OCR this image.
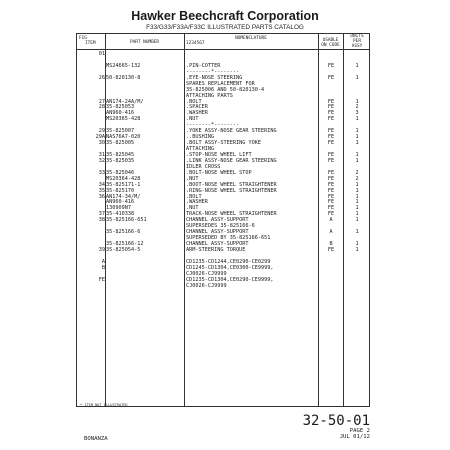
Hawker Beechcraft Corporation
F33/G33/F33A/F33C ILLUSTRATED PARTS CATALOG
FIG
ITEM	PART NUMBER
NOMENCLATURE
1234567
USABLE
ON CODE
UNITS
PER
ASSY
01
MS24665-132	.PIN-COTTER	FE	1
--------*--------
26 50-820130-8	.EYE-NOSE STEERING	FE	1
SPARES REPLACEMENT FOR
35-825006 AND 50-820130-4
ATTACHING PARTS
27 AN174-24A/M/	.BOLT	FE	1
28 35-825053	.SPACER	FE	2
AN960-416	.WASHER	FE	3
MS20365-428	.NUT	FE	1
--------*--------
29 35-825007	.YOKE ASSY-NOSE GEAR STEERING	FE	1
29A NAS76A7-020	..BUSHING	FE	1
30 35-825005	.BOLT ASSY-STEERING YOKE	FE	1
ATTACHING
31 35-825045	.STOP-NOSE WHEEL LIFT	FE	1
32 35-825035	.LINK ASSY-NOSE GEAR STEERING	FE	1
IDLER CROSS
33 35-825046	.BOLT-NOSE WHEEL STOP	FE	2
MS20364-428	.NUT	FE	2
34 35-825171-1	.BOOT-NOSE WHEEL STRAIGHTENER	FE	1
35 35-825170	.RING-NOSE WHEEL STRAIGHTENER	FE	1
36 AN174-34/M/	.BOLT	FE	1
AN960-416	.WASHER	FE	1
130909N7	.NUT	FE	1
37 35-410338	TRACK-NOSE WHEEL STRAIGHTENER	FE	1
38 35-825166-651	CHANNEL ASSY-SUPPORT	A	1
SUPERSEDES 35-825166-6
35-825166-6	CHANNEL ASSY-SUPPORT	A	1
SUPERSEDED BY 35-825166-651
35-825166-12	CHANNEL ASSY-SUPPORT	B	1
39 35-825054-5	ARM-STEERING TORQUE	FE	1
A	CD1235-CD1244,CE0290-CE0299
B	CD1245-CD1304,CE0300-CE9999,
CJ0026-CJ9999
FE	CD1235-CD1304,CE0290-CE9999,
CJ0026-CJ9999
* ITEM NOT ILLUSTRATED
32-50-01
PAGE 2
JUL 01/12
BONANZA
